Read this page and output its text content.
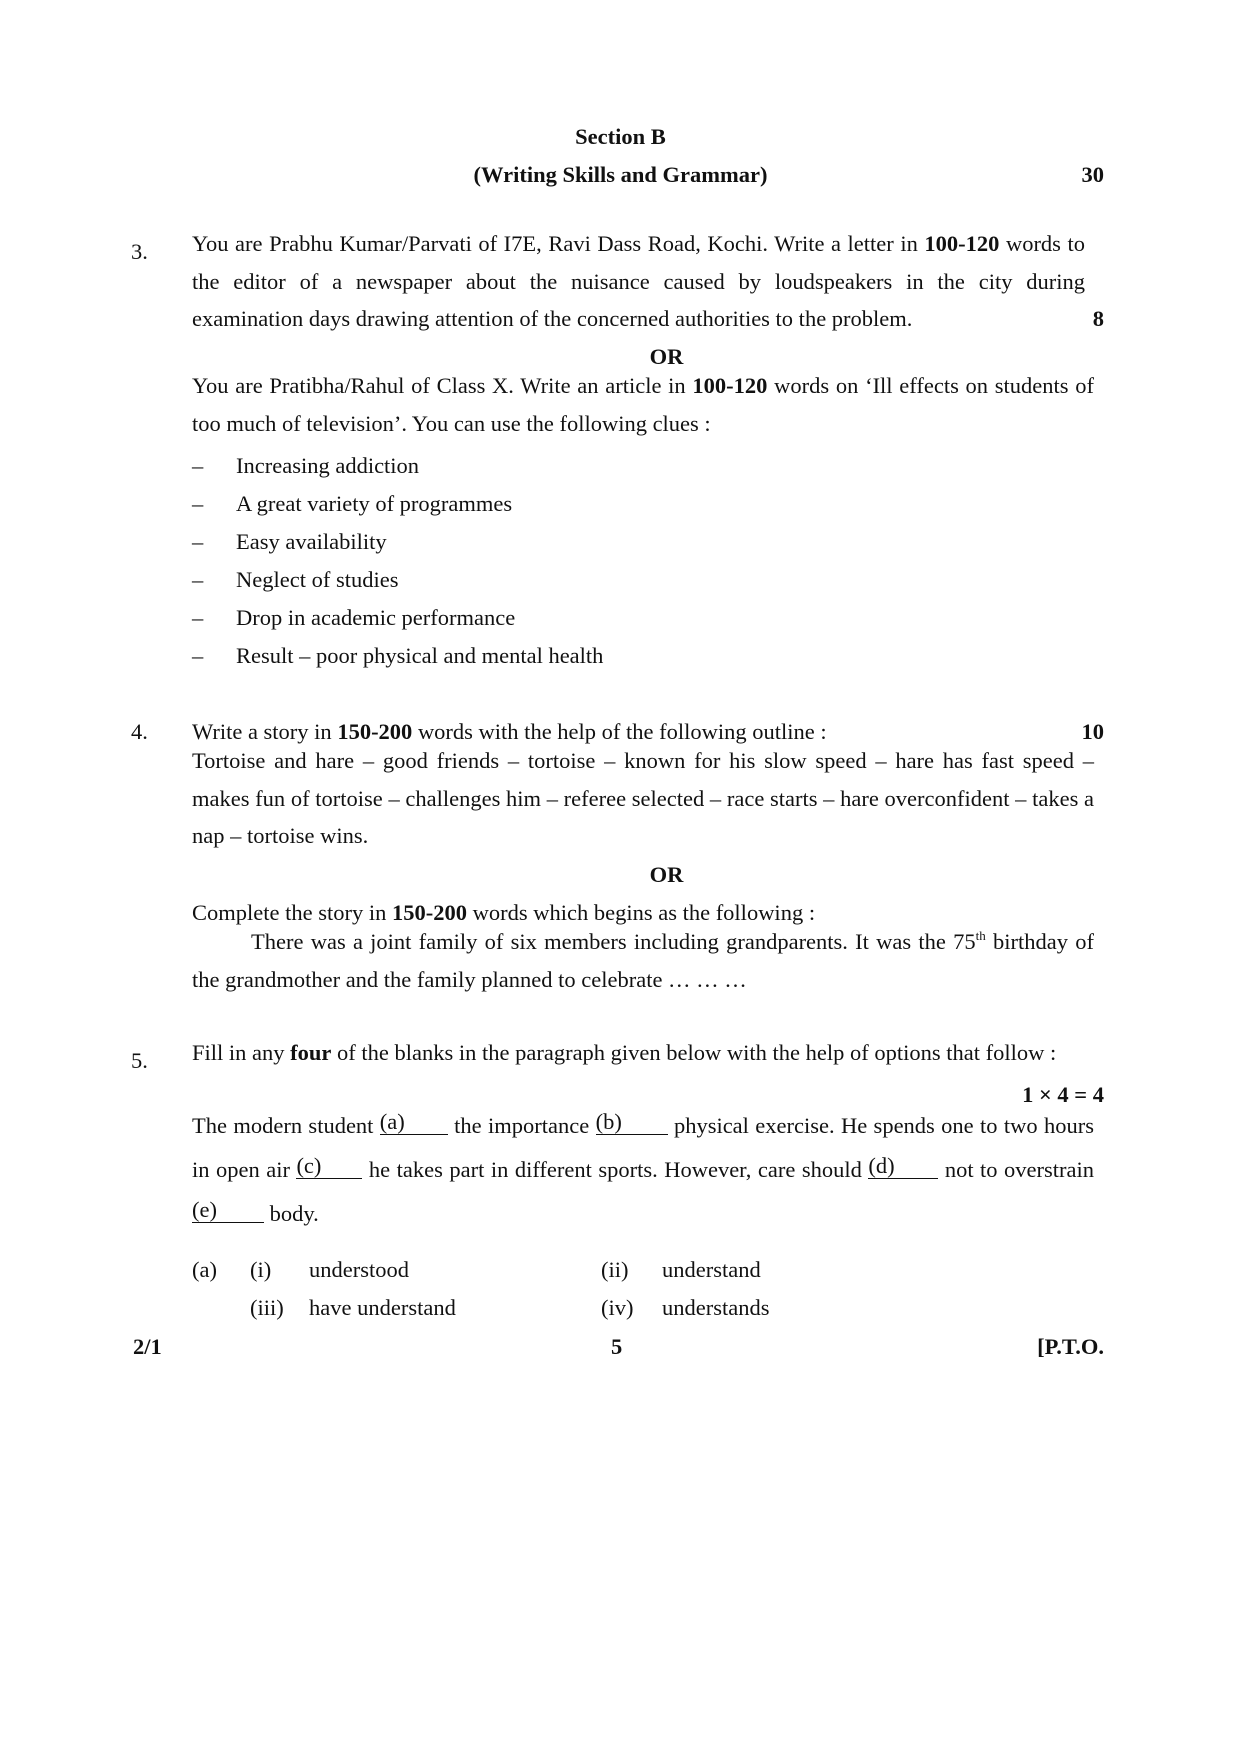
Section B
(Writing Skills and Grammar)	30
3. You are Prabhu Kumar/Parvati of I7E, Ravi Dass Road, Kochi. Write a letter in 100-120 words to the editor of a newspaper about the nuisance caused by loudspeakers in the city during examination days drawing attention of the concerned authorities to the problem.	8
OR
You are Pratibha/Rahul of Class X. Write an article in 100-120 words on ‘Ill effects on students of too much of television’. You can use the following clues :
– Increasing addiction
– A great variety of programmes
– Easy availability
– Neglect of studies
– Drop in academic performance
– Result – poor physical and mental health
4. Write a story in 150-200 words with the help of the following outline :	10
Tortoise and hare – good friends – tortoise – known for his slow speed – hare has fast speed – makes fun of tortoise – challenges him – referee selected – race starts – hare overconfident – takes a nap – tortoise wins.
OR
Complete the story in 150-200 words which begins as the following :
There was a joint family of six members including grandparents. It was the 75th birthday of the grandmother and the family planned to celebrate … … …
5. Fill in any four of the blanks in the paragraph given below with the help of options that follow :
1 × 4 = 4
The modern student (a) the importance (b) physical exercise. He spends one to two hours in open air (c) he takes part in different sports. However, care should (d) not to overstrain (e) body.
(a) (i) understood	(ii) understand
(iii) have understand	(iv) understands
2/1	5	[P.T.O.
